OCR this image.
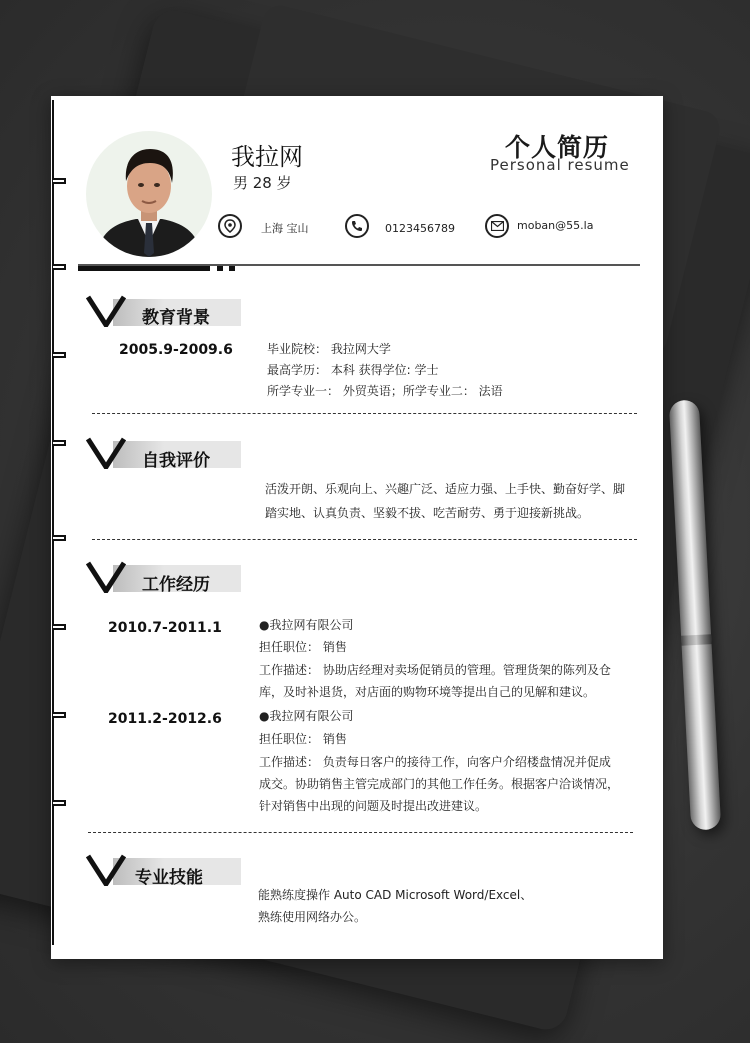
我拉网
男 28 岁
个人简历
Personal resume
上海 宝山	0123456789	moban@55.la
教育背景
2005.9-2009.6	毕业院校： 我拉网大学
最高学历： 本科 获得学位: 学士
所学专业一： 外贸英语；所学专业二： 法语
自我评价
活泼开朗、乐观向上、兴趣广泛、适应力强、上手快、勤奋好学、脚
踏实地、认真负责、坚毅不拔、吃苦耐劳、勇于迎接新挑战。
工作经历
2010.7-2011.1	●我拉网有限公司
担任职位： 销售
工作描述： 协助店经理对卖场促销员的管理。管理货架的陈列及仓
库，及时补退货，对店面的购物环境等提出自己的见解和建议。
2011.2-2012.6	●我拉网有限公司
担任职位： 销售
工作描述： 负责每日客户的接待工作，向客户介绍楼盘情况并促成
成交。协助销售主管完成部门的其他工作任务。根据客户洽谈情况，
针对销售中出现的问题及时提出改进建议。
专业技能
能熟练度操作 Auto CAD Microsoft Word/Excel、
熟练使用网络办公。
